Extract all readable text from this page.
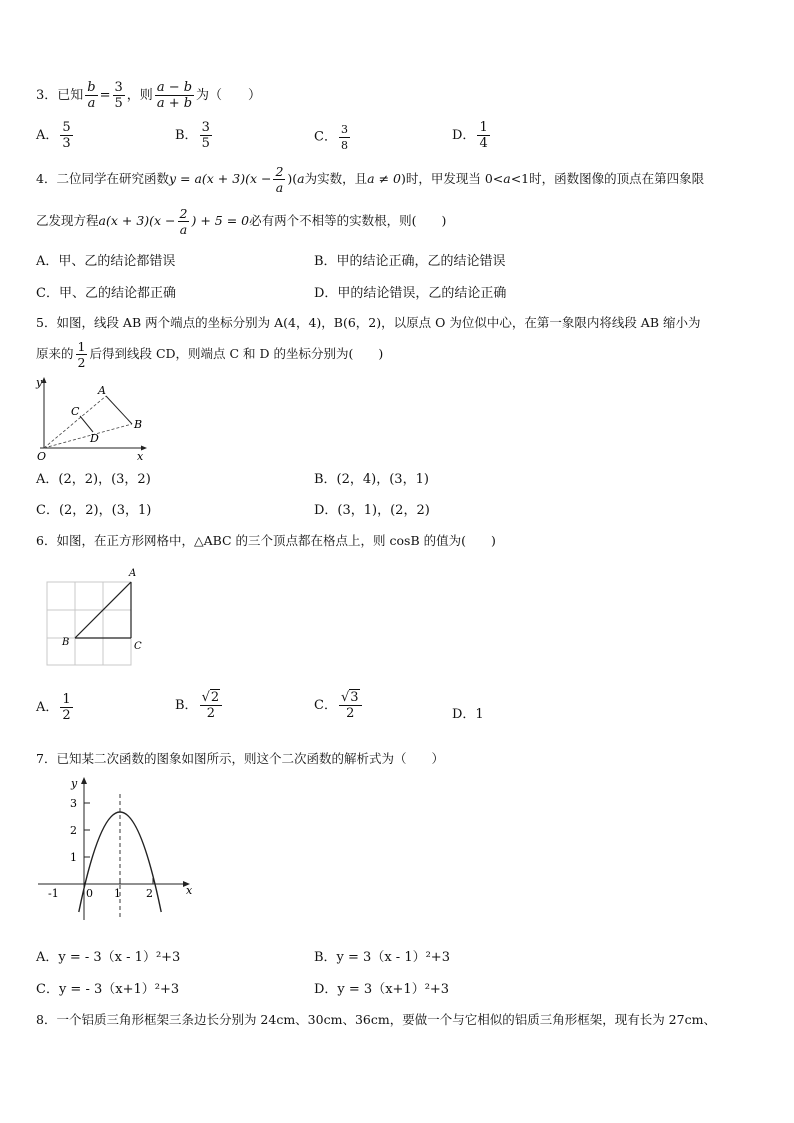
3．已知 $\frac{b}{a} = \frac{3}{5}$ ，则 $\frac{a - b}{a + b}$ 为（　　）
A． $\frac{5}{3}$	B． $\frac{3}{5}$	C． $\frac{3}{8}$	D． $\frac{1}{4}$
4．二位同学在研究函数$y = a(x + 3)(x - \frac{2}{a} )(a$为实数，且a ≠ 0)时，甲发现当 0<a<1时，函数图像的顶点在第四象限
乙发现方程$a(x + 3)(x - \frac{2}{a}$ ) + 5 = 0必有两个不相等的实数根，则(　　)
A．甲、乙的结论都错误	B．甲的结论正确，乙的结论错误
C．甲、乙的结论都正确	D．甲的结论错误，乙的结论正确
5．如图，线段 AB 两个端点的坐标分别为 A(4，4)，B(6，2)，以原点 O 为位似中心，在第一象限内将线段 AB 缩小为
原来的 $\frac{1}{2}$ 后得到线段 CD，则端点 C 和 D 的坐标分别为(　　)
y
x
O
A
B
C
D
A．(2，2)，(3，2)	B．(2，4)，(3，1)
C．(2，2)，(3，1)	D．(3，1)，(2，2)
6．如图，在正方形网格中，△ABC 的三个顶点都在格点上，则 cosB 的值为(　　)
A
B	C
A． $\frac{1}{2}$	B． $\frac{√2}{2}$	C． $\frac{√3}{2}$	D．1
7．已知某二次函数的图象如图所示，则这个二次函数的解析式为（　　）
y
x
3
2
1
-1 0 1 2
A．y = - 3（x - 1）²+3	B．y = 3（x - 1）²+3
C．y = - 3（x+1）²+3	D．y = 3（x+1）²+3
8．一个铝质三角形框架三条边长分别为 24cm、30cm、36cm，要做一个与它相似的铝质三角形框架，现有长为 27cm、
